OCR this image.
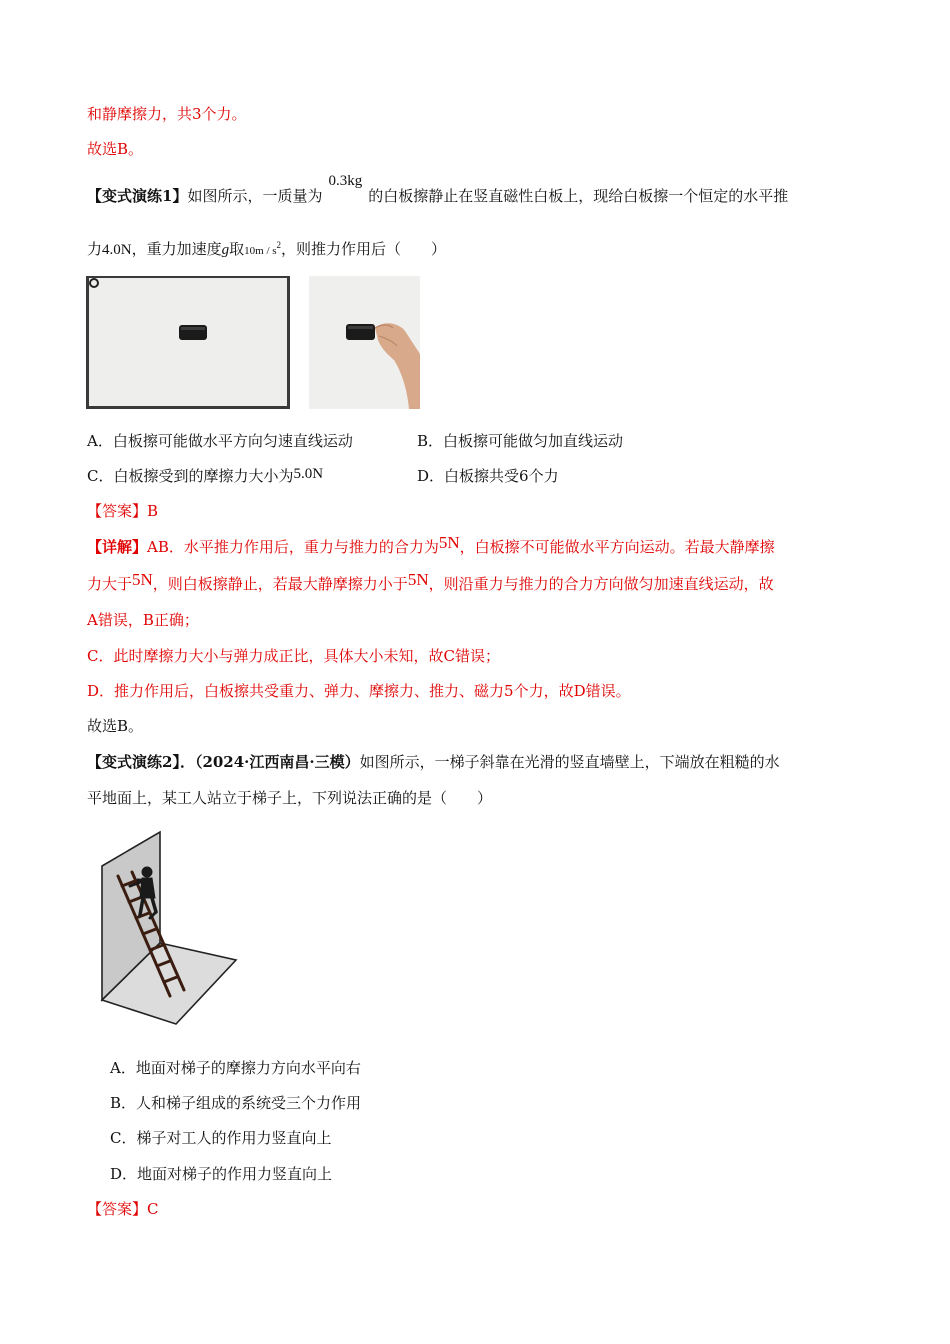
和静摩擦力，共3个力。
故选B。
【变式演练1】如图所示，一质量为0.3kg的白板擦静止在竖直磁性白板上，现给白板擦一个恒定的水平推
力4.0N，重力加速度g取$10m / s^2$，则推力作用后（　　）
A．白板擦可能做水平方向匀速直线运动	B．白板擦可能做匀加直线运动
C．白板擦受到的摩擦力大小为5.0N	D．白板擦共受6个力
【答案】B
【详解】AB．水平推力作用后，重力与推力的合力为5N，白板擦不可能做水平方向运动。若最大静摩擦
力大于5N，则白板擦静止，若最大静摩擦力小于5N，则沿重力与推力的合力方向做匀加速直线运动，故
A错误，B正确；
C．此时摩擦力大小与弹力成正比，具体大小未知，故C错误；
D．推力作用后，白板擦共受重力、弹力、摩擦力、推力、磁力5个力，故D错误。
故选B。
【变式演练2】．（2024·江西南昌·三模）如图所示，一梯子斜靠在光滑的竖直墙壁上，下端放在粗糙的水
平地面上，某工人站立于梯子上，下列说法正确的是（　　）
A．地面对梯子的摩擦力方向水平向右
B．人和梯子组成的系统受三个力作用
C．梯子对工人的作用力竖直向上
D．地面对梯子的作用力竖直向上
【答案】C
